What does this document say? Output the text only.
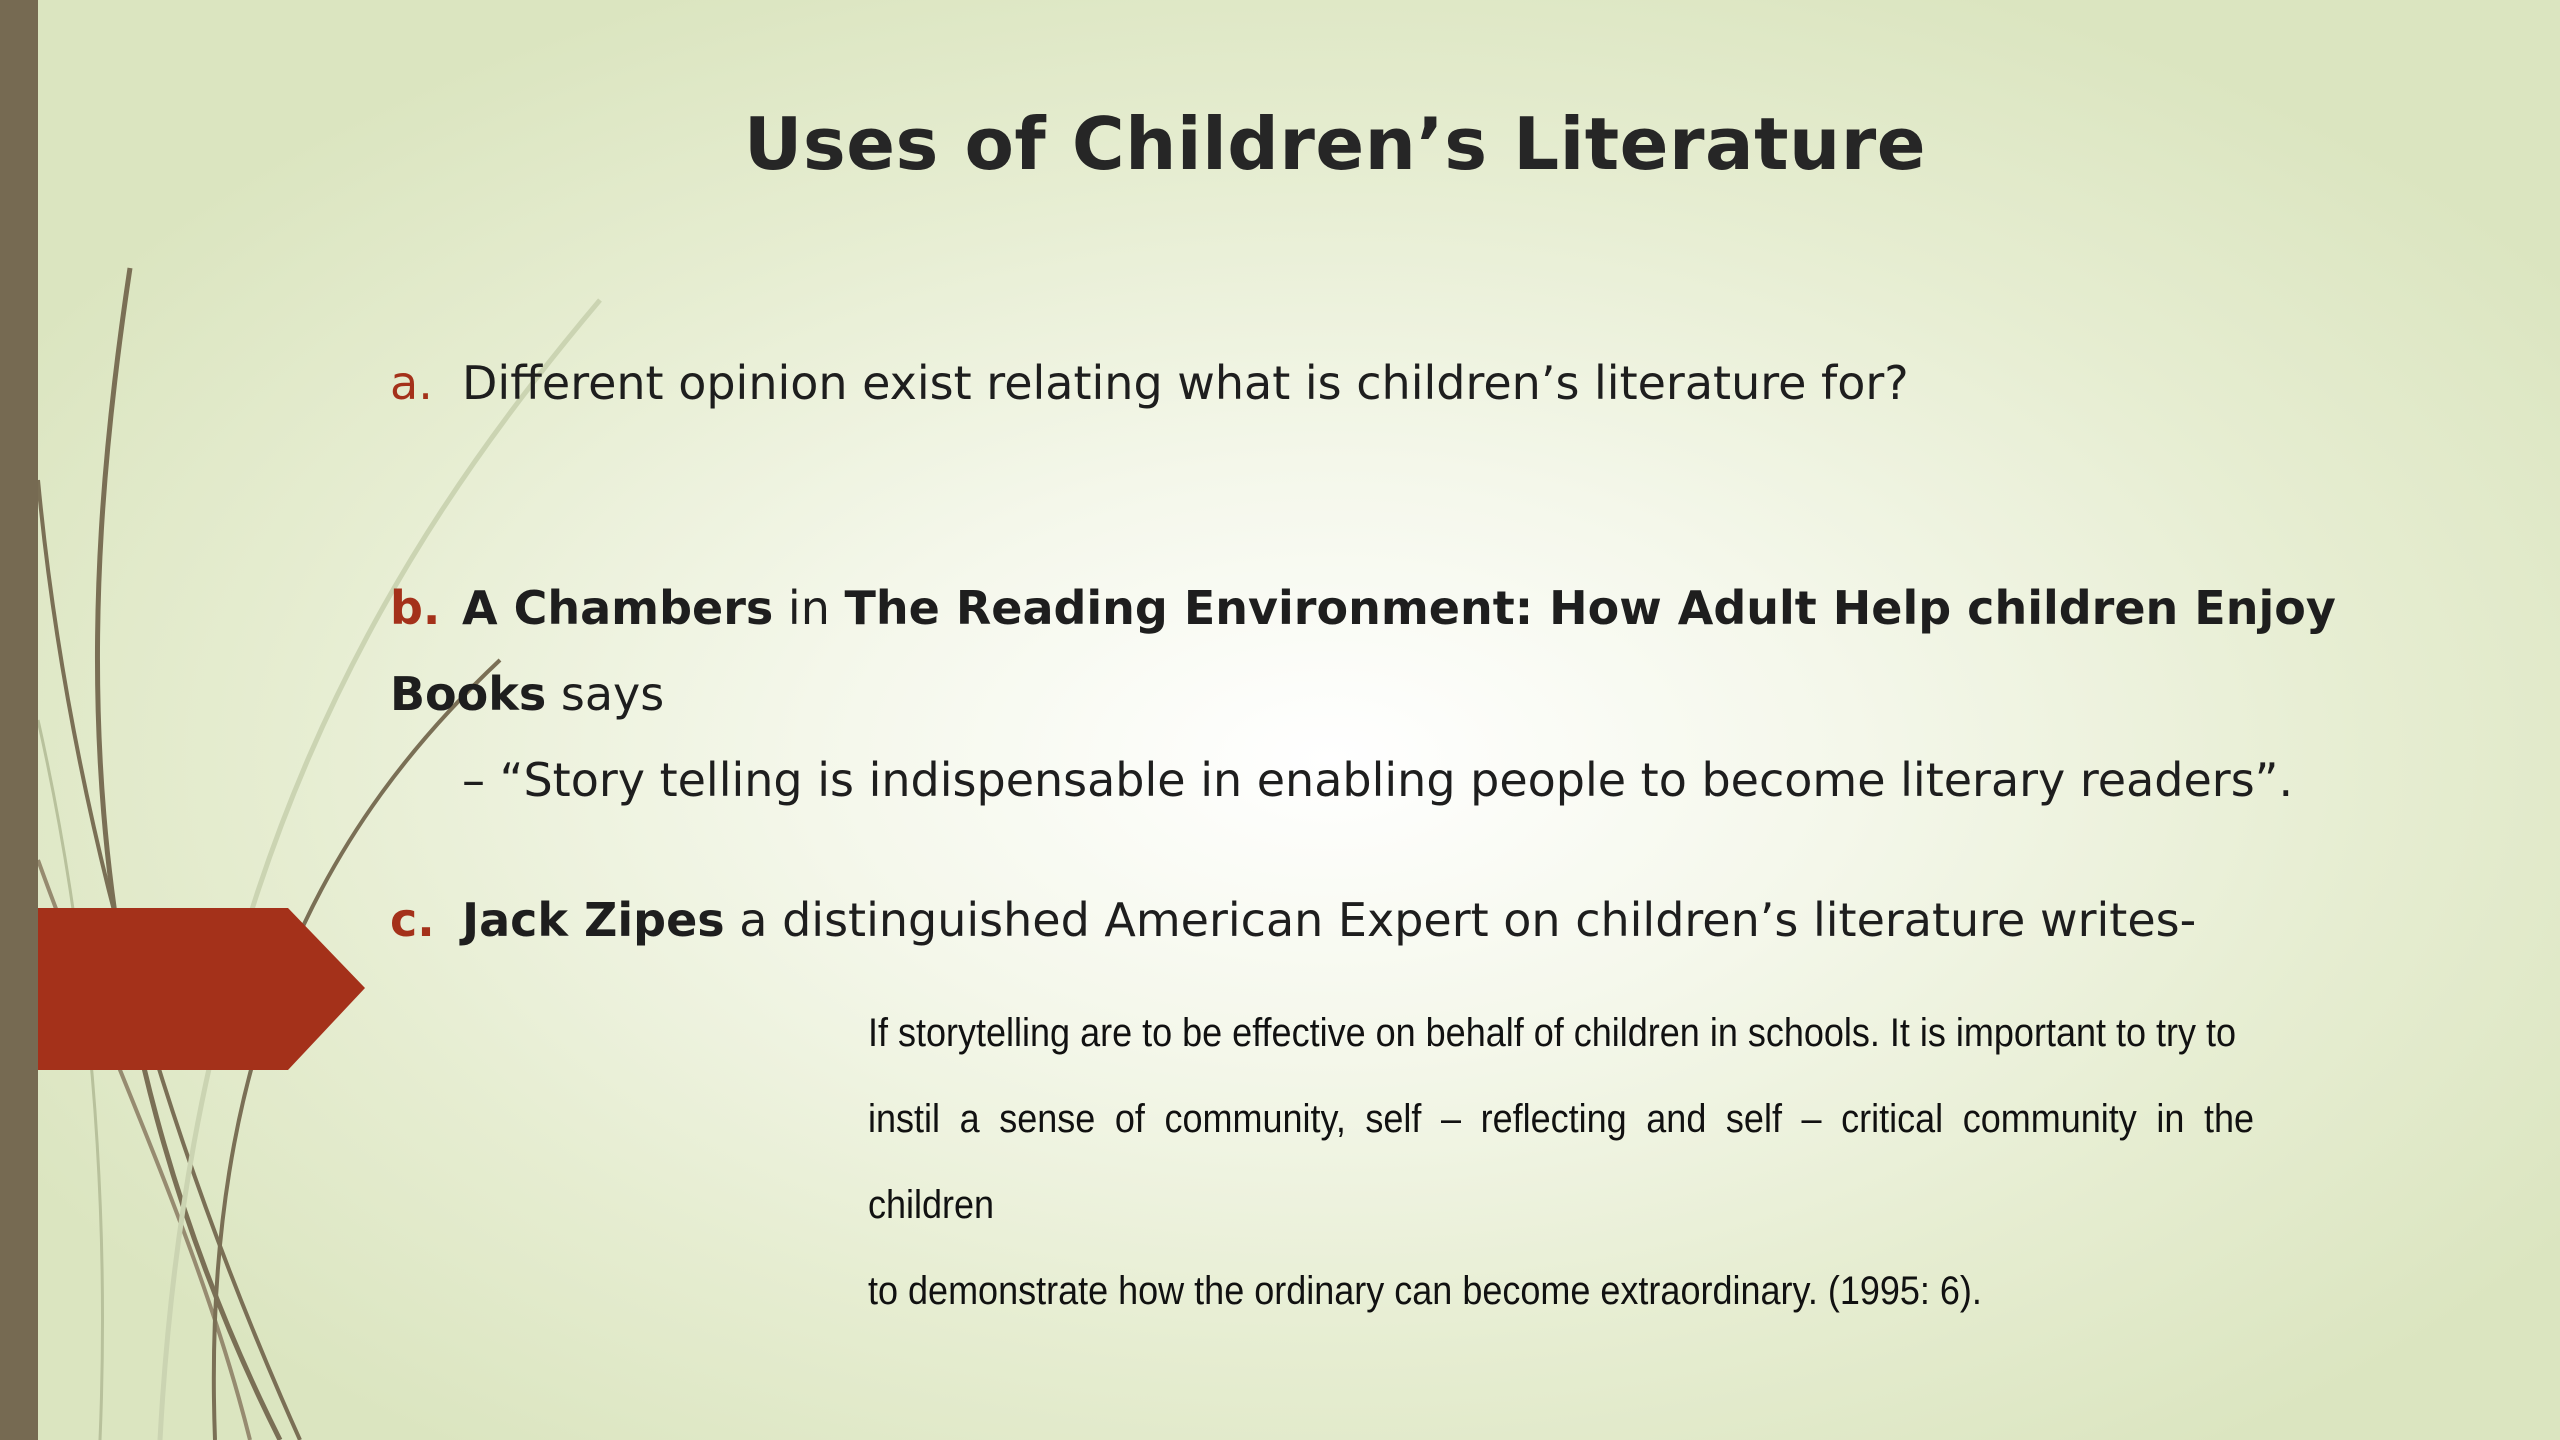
Uses of Children’s Literature
a. Different opinion exist relating what is children’s literature for?
b. A Chambers in The Reading Environment: How Adult Help children Enjoy Books says
– “Story telling is indispensable in enabling people to become literary readers”.
c. Jack Zipes a distinguished American Expert on children’s literature writes-
If storytelling are to be effective on behalf of children in schools. It is important to try to
instil a sense of community, self – reflecting and self – critical community in the children
to demonstrate how the ordinary can become extraordinary. (1995: 6).
